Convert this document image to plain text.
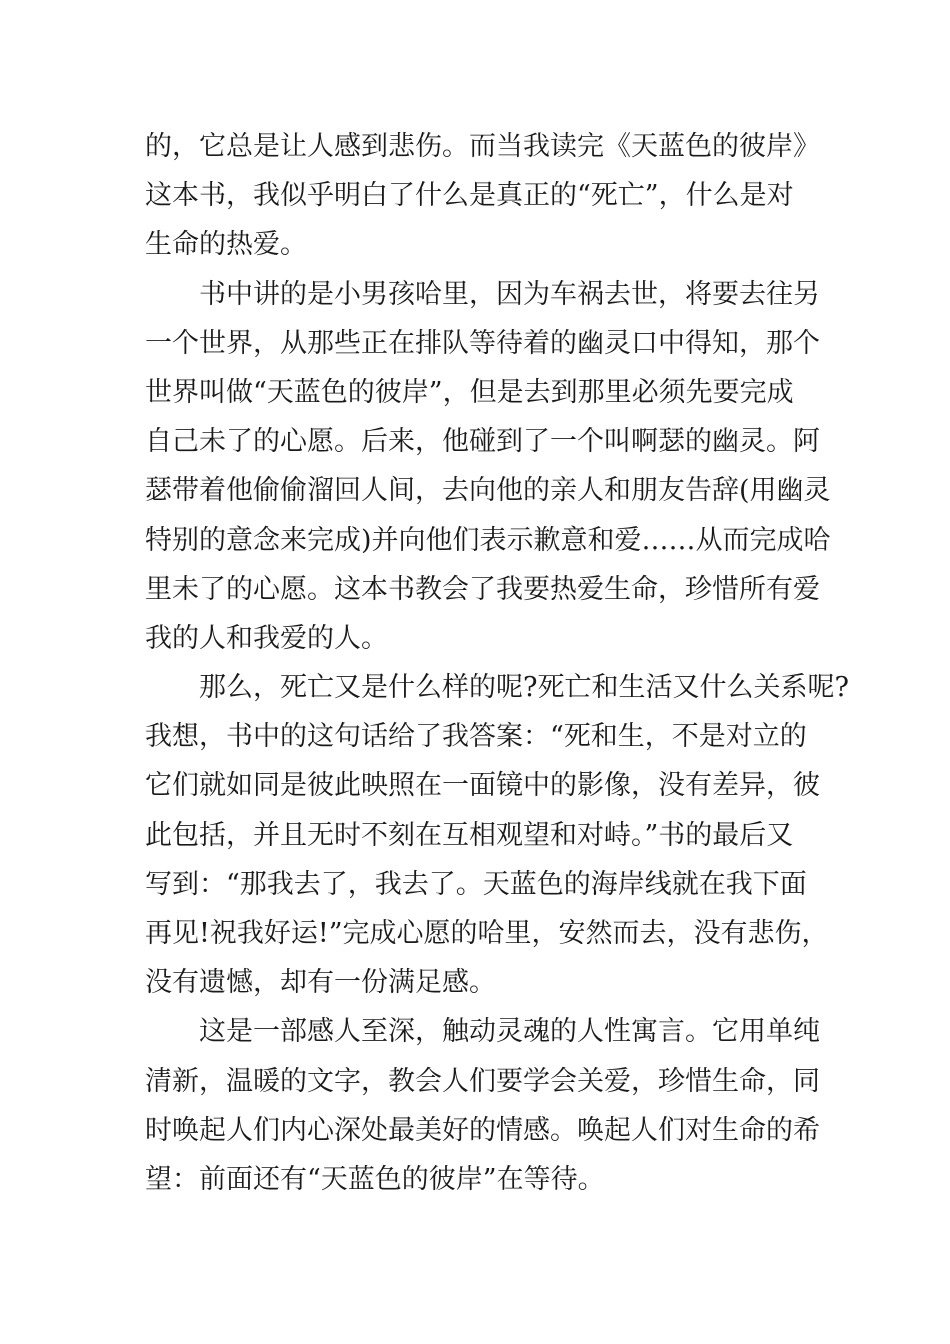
的，它总是让人感到悲伤。而当我读完《天蓝色的彼岸》
这本书，我似乎明白了什么是真正的“死亡”，什么是对
生命的热爱。
书中讲的是小男孩哈里，因为车祸去世，将要去往另
一个世界，从那些正在排队等待着的幽灵口中得知，那个
世界叫做“天蓝色的彼岸”，但是去到那里必须先要完成
自己未了的心愿。后来，他碰到了一个叫啊瑟的幽灵。阿
瑟带着他偷偷溜回人间，去向他的亲人和朋友告辞(用幽灵
特别的意念来完成)并向他们表示歉意和爱……从而完成哈
里未了的心愿。这本书教会了我要热爱生命，珍惜所有爱
我的人和我爱的人。
那么，死亡又是什么样的呢?死亡和生活又什么关系呢?
我想，书中的这句话给了我答案：“死和生，不是对立的
它们就如同是彼此映照在一面镜中的影像，没有差异，彼
此包括，并且无时不刻在互相观望和对峙。”书的最后又
写到：“那我去了，我去了。天蓝色的海岸线就在我下面
再见!祝我好运!”完成心愿的哈里，安然而去，没有悲伤，
没有遗憾，却有一份满足感。
这是一部感人至深，触动灵魂的人性寓言。它用单纯
清新，温暖的文字，教会人们要学会关爱，珍惜生命，同
时唤起人们内心深处最美好的情感。唤起人们对生命的希
望：前面还有“天蓝色的彼岸”在等待。
